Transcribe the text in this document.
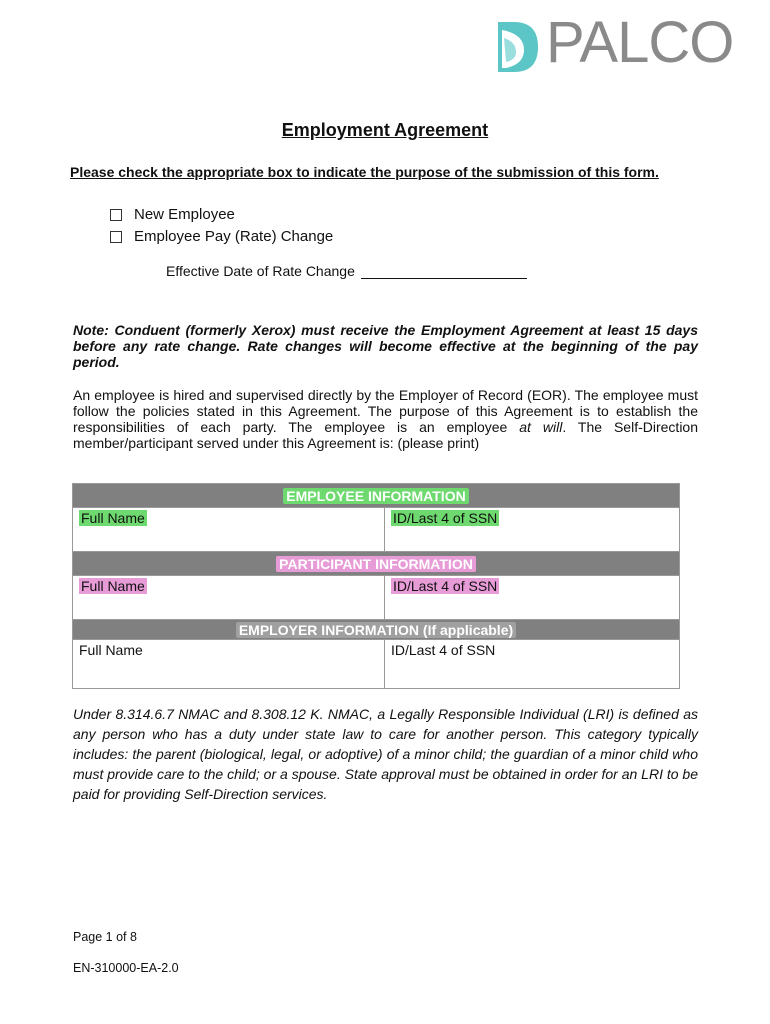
PALCO
Employment Agreement
Please check the appropriate box to indicate the purpose of the submission of this form.
New Employee
Employee Pay (Rate) Change
Effective Date of Rate Change
Note: Conduent (formerly Xerox) must receive the Employment Agreement at least 15 days before any rate change. Rate changes will become effective at the beginning of the pay period.
An employee is hired and supervised directly by the Employer of Record (EOR). The employee must follow the policies stated in this Agreement. The purpose of this Agreement is to establish the responsibilities of each party. The employee is an employee at will. The Self-Direction member/participant served under this Agreement is: (please print)
EMPLOYEE INFORMATION
Full Name	ID/Last 4 of SSN
PARTICIPANT INFORMATION
Full Name	ID/Last 4 of SSN
EMPLOYER INFORMATION (If applicable)
Full Name	ID/Last 4 of SSN
Under 8.314.6.7 NMAC and 8.308.12 K. NMAC, a Legally Responsible Individual (LRI) is defined as any person who has a duty under state law to care for another person. This category typically includes: the parent (biological, legal, or adoptive) of a minor child; the guardian of a minor child who must provide care to the child; or a spouse. State approval must be obtained in order for an LRI to be paid for providing Self-Direction services.
Page 1 of 8
EN-310000-EA-2.0
